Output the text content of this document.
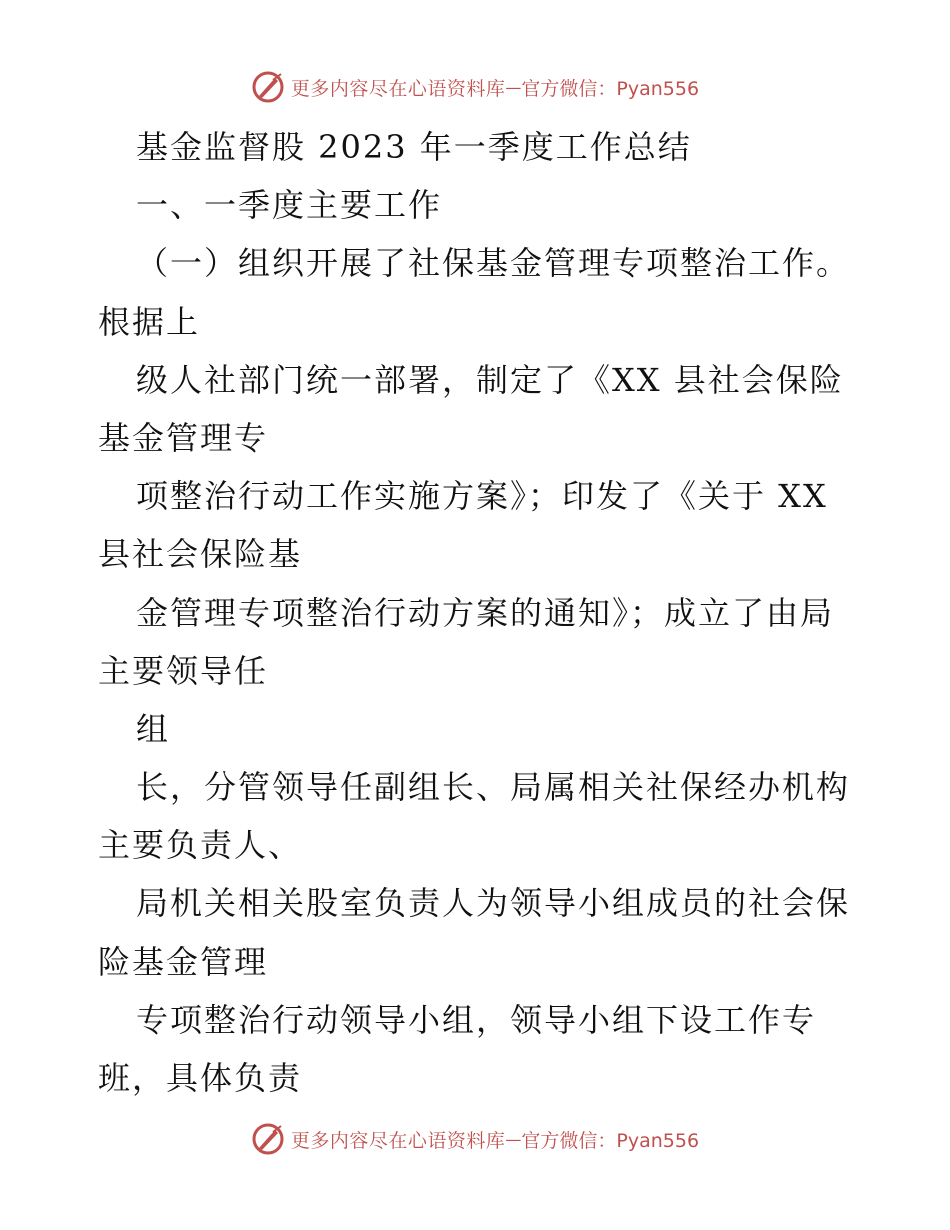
更多内容尽在心语资料库 — 官方微信：Pyan556
基金监督股 2023 年一季度工作总结
一、一季度主要工作
（一）组织开展了社保基金管理专项整治工作。
根据上
级人社部门统一部署，制定了《XX 县社会保险
基金管理专
项整治行动工作实施方案》；印发了《关于 XX
县社会保险基
金管理专项整治行动方案的通知》；成立了由局
主要领导任
组
长，分管领导任副组长、局属相关社保经办机构
主要负责人、
局机关相关股室负责人为领导小组成员的社会保
险基金管理
专项整治行动领导小组，领导小组下设工作专
班，具体负责
更多内容尽在心语资料库 — 官方微信：Pyan556
